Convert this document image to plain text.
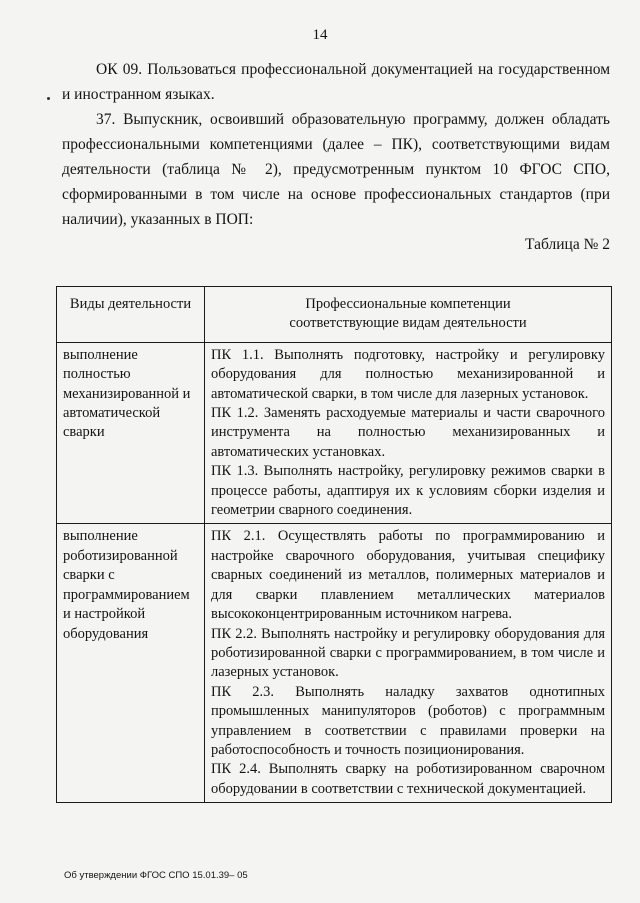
14

ОК 09. Пользоваться профессиональной документацией на государственном и иностранном языках.

37. Выпускник, освоивший образовательную программу, должен обладать профессиональными компетенциями (далее – ПК), соответствующими видам деятельности (таблица № 2), предусмотренным пунктом 10 ФГОС СПО, сформированными в том числе на основе профессиональных стандартов (при наличии), указанных в ПОП:

Таблица № 2
Виды деятельности	Профессиональные компетенции
соответствующие видам деятельности

выполнение полностью механизированной и автоматической сварки	ПК 1.1. Выполнять подготовку, настройку и регулировку оборудования для полностью механизированной и автоматической сварки, в том числе для лазерных установок.
ПК 1.2. Заменять расходуемые материалы и части сварочного инструмента на полностью механизированных и автоматических установках.
ПК 1.3. Выполнять настройку, регулировку режимов сварки в процессе работы, адаптируя их к условиям сборки изделия и геометрии сварного соединения.

выполнение роботизированной сварки с программированием и настройкой оборудования	ПК 2.1. Осуществлять работы по программированию и настройке сварочного оборудования, учитывая специфику сварных соединений из металлов, полимерных материалов и для сварки плавлением металлических материалов высококонцентрированным источником нагрева.
ПК 2.2. Выполнять настройку и регулировку оборудования для роботизированной сварки с программированием, в том числе и лазерных установок.
ПК 2.3. Выполнять наладку захватов однотипных промышленных манипуляторов (роботов) с программным управлением в соответствии с правилами проверки на работоспособность и точность позиционирования.
ПК 2.4. Выполнять сварку на роботизированном сварочном оборудовании в соответствии с технической документацией.
Об утверждении ФГОС СПО 15.01.39– 05
